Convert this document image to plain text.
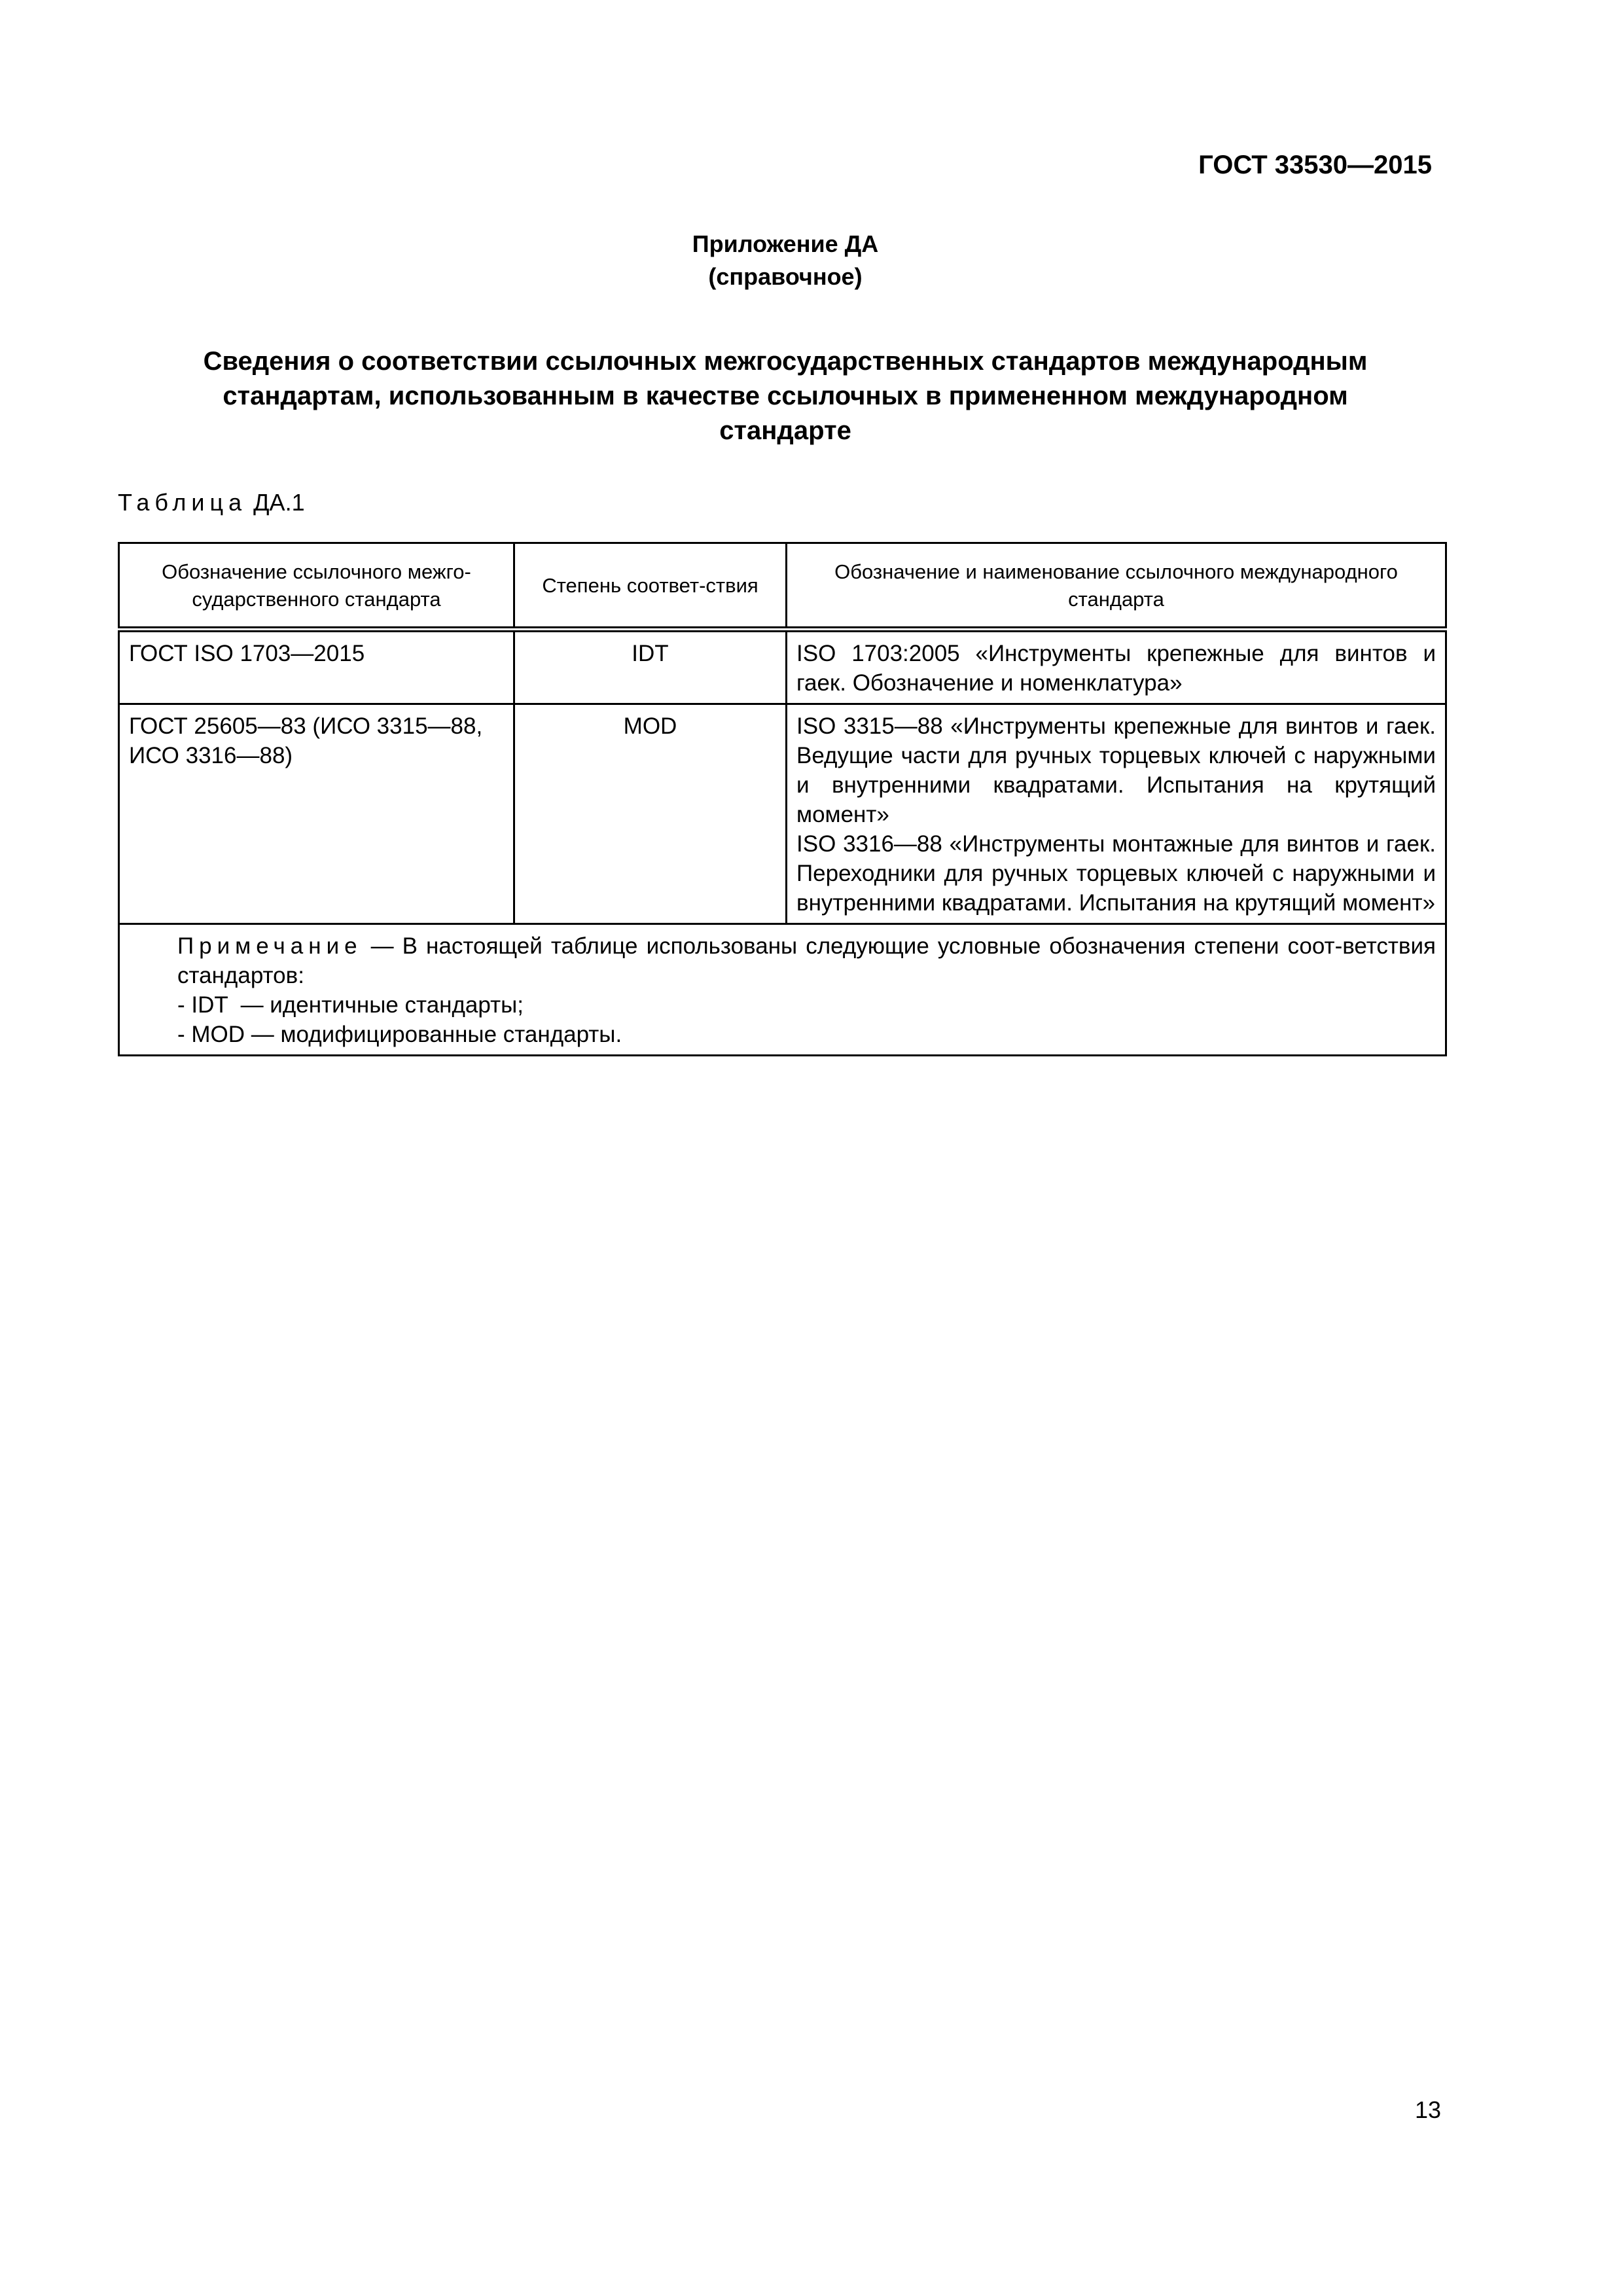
ГОСТ 33530—2015
Приложение ДА
(справочное)
Сведения о соответствии ссылочных межгосударственных стандартов международным
стандартам, использованным в качестве ссылочных в примененном международном
стандарте
Таблица ДА.1
Обозначение ссылочного межго-сударственного стандарта	Степень соответ-ствия	Обозначение и наименование ссылочного международного стандарта
ГОСТ ISO 1703—2015	IDT	ISO 1703:2005 «Инструменты крепежные для винтов и гаек. Обозначение и номенклатура»

ГОСТ 25605—83 (ИСО 3315—88, ИСО 3316—88)	MOD	ISO 3315—88 «Инструменты крепежные для винтов и гаек. Ведущие части для ручных торцевых ключей с наружными и внутренними квадратами. Испытания на крутящий момент»
ISO 3316—88 «Инструменты монтажные для винтов и гаек. Переходники для ручных торцевых ключей с наружными и внутренними квадратами. Испытания на крутящий момент»

Примечание — В настоящей таблице использованы следующие условные обозначения степени соот-ветствия стандартов:
- IDT  — идентичные стандарты;
- MOD — модифицированные стандарты.		
13
